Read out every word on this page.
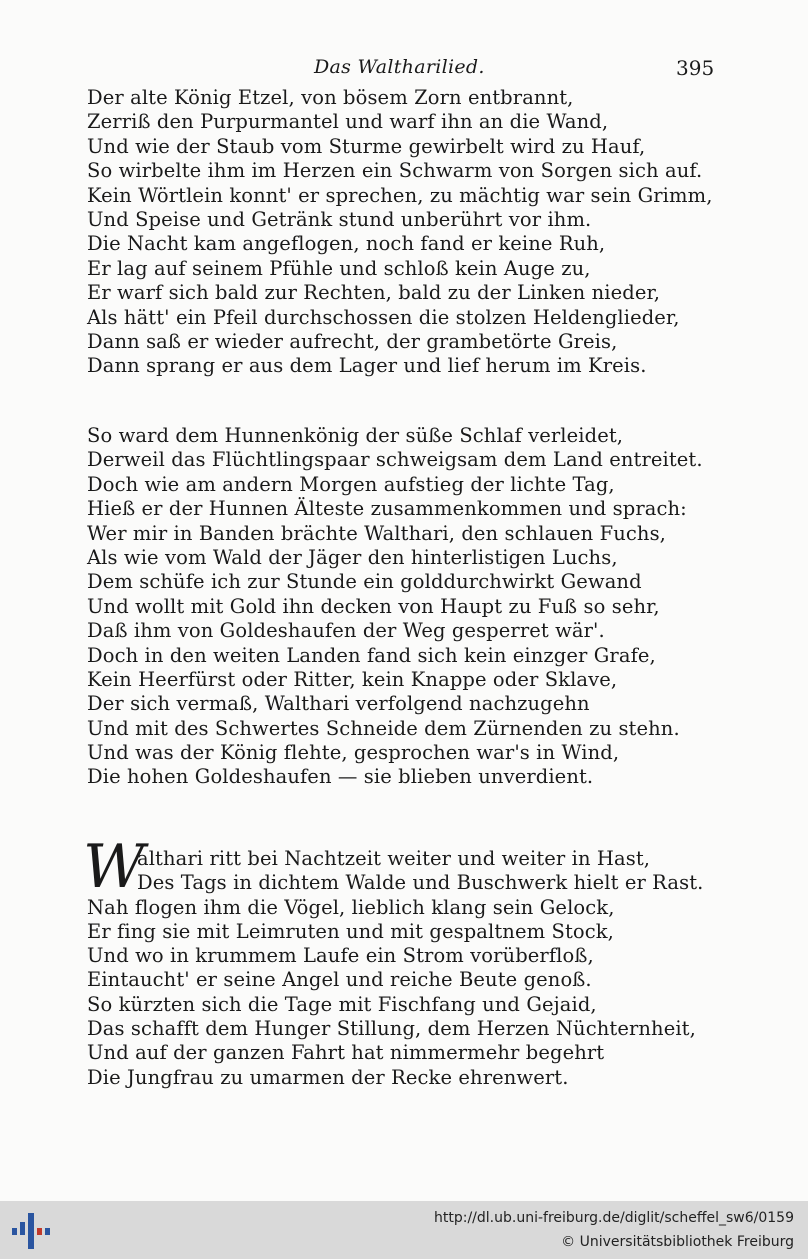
Das Waltharilied.	395
Der alte König Etzel, von bösem Zorn entbrannt,
Zerriß den Purpurmantel und warf ihn an die Wand,
Und wie der Staub vom Sturme gewirbelt wird zu Hauf,
So wirbelte ihm im Herzen ein Schwarm von Sorgen sich auf.
Kein Wörtlein konnt' er sprechen, zu mächtig war sein Grimm,
Und Speise und Getränk stund unberührt vor ihm.
Die Nacht kam angeflogen, noch fand er keine Ruh,
Er lag auf seinem Pfühle und schloß kein Auge zu,
Er warf sich bald zur Rechten, bald zu der Linken nieder,
Als hätt' ein Pfeil durchschossen die stolzen Heldenglieder,
Dann saß er wieder aufrecht, der grambetörte Greis,
Dann sprang er aus dem Lager und lief herum im Kreis.
So ward dem Hunnenkönig der süße Schlaf verleidet,
Derweil das Flüchtlingspaar schweigsam dem Land entreitet.
Doch wie am andern Morgen aufstieg der lichte Tag,
Hieß er der Hunnen Älteste zusammenkommen und sprach:
Wer mir in Banden brächte Walthari, den schlauen Fuchs,
Als wie vom Wald der Jäger den hinterlistigen Luchs,
Dem schüfe ich zur Stunde ein golddurchwirkt Gewand
Und wollt mit Gold ihn decken von Haupt zu Fuß so sehr,
Daß ihm von Goldeshaufen der Weg gesperret wär'.
Doch in den weiten Landen fand sich kein einzger Grafe,
Kein Heerfürst oder Ritter, kein Knappe oder Sklave,
Der sich vermaß, Walthari verfolgend nachzugehn
Und mit des Schwertes Schneide dem Zürnenden zu stehn.
Und was der König flehte, gesprochen war's in Wind,
Die hohen Goldeshaufen — sie blieben unverdient.
W
althari ritt bei Nachtzeit weiter und weiter in Hast,
Des Tags in dichtem Walde und Buschwerk hielt er Rast.
Nah flogen ihm die Vögel, lieblich klang sein Gelock,
Er fing sie mit Leimruten und mit gespaltnem Stock,
Und wo in krummem Laufe ein Strom vorüberfloß,
Eintaucht' er seine Angel und reiche Beute genoß.
So kürzten sich die Tage mit Fischfang und Gejaid,
Das schafft dem Hunger Stillung, dem Herzen Nüchternheit,
Und auf der ganzen Fahrt hat nimmermehr begehrt
Die Jungfrau zu umarmen der Recke ehrenwert.
http://dl.ub.uni-freiburg.de/diglit/scheffel_sw6/0159
© Universitätsbibliothek Freiburg
